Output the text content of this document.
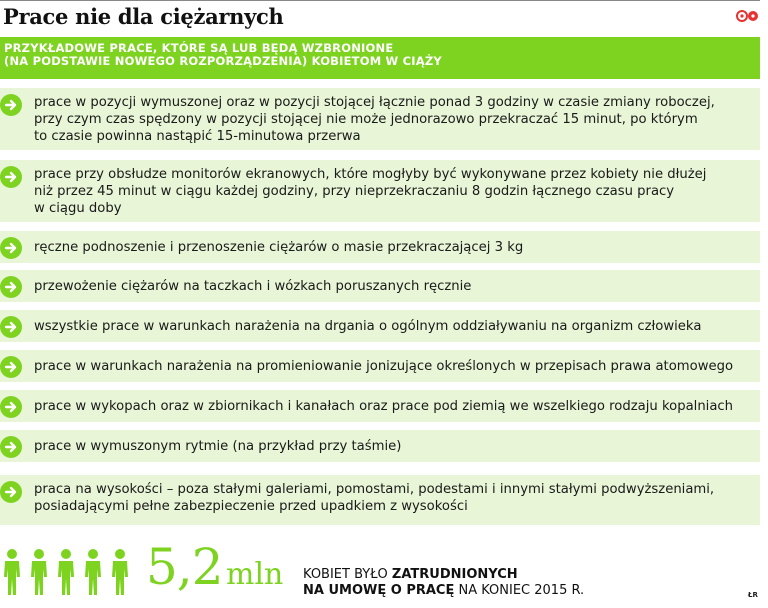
Prace nie dla ciężarnych
PRZYKŁADOWE PRACE, KTÓRE SĄ LUB BĘDĄ WZBRONIONE
(NA PODSTAWIE NOWEGO ROZPORZĄDZENIA) KOBIETOM W CIĄŻY
prace w pozycji wymuszonej oraz w pozycji stojącej łącznie ponad 3 godziny w czasie zmiany roboczej,
przy czym czas spędzony w pozycji stojącej nie może jednorazowo przekraczać 15 minut, po którym
to czasie powinna nastąpić 15-minutowa przerwa
prace przy obsłudze monitorów ekranowych, które mogłyby być wykonywane przez kobiety nie dłużej
niż przez 45 minut w ciągu każdej godziny, przy nieprzekraczaniu 8 godzin łącznego czasu pracy
w ciągu doby
ręczne podnoszenie i przenoszenie ciężarów o masie przekraczającej 3 kg
przewożenie ciężarów na taczkach i wózkach poruszanych ręcznie
wszystkie prace w warunkach narażenia na drgania o ogólnym oddziaływaniu na organizm człowieka
prace w warunkach narażenia na promieniowanie jonizujące określonych w przepisach prawa atomowego
prace w wykopach oraz w zbiornikach i kanałach oraz prace pod ziemią we wszelkiego rodzaju kopalniach
prace w wymuszonym rytmie (na przykład przy taśmie)
praca na wysokości – poza stałymi galeriami, pomostami, podestami i innymi stałymi podwyższeniami,
posiadającymi pełne zabezpieczenie przed upadkiem z wysokości
5,2 mln KOBIET BYŁO ZATRUDNIONYCH
NA UMOWĘ O PRACĘ NA KONIEC 2015 R.	ŁR
